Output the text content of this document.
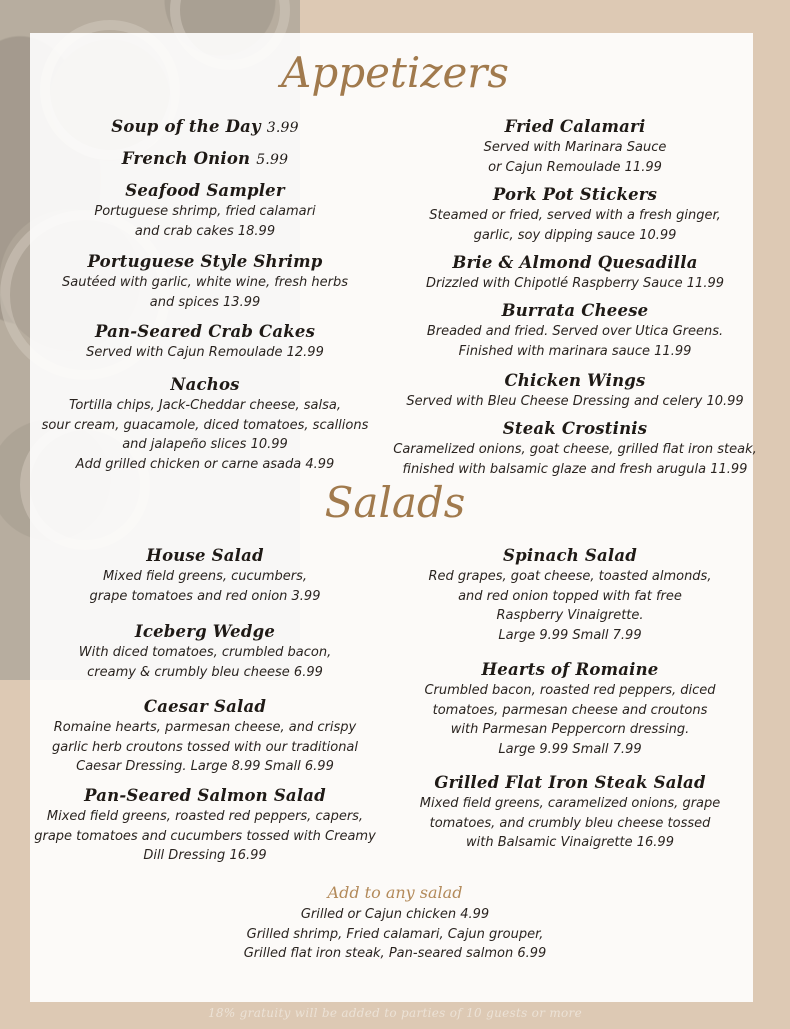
Appetizers
Soup of the Day 3.99
French Onion 5.99
Seafood Sampler
Portuguese shrimp, fried calamari
and crab cakes 18.99
Portuguese Style Shrimp
Sautéed with garlic, white wine, fresh herbs
and spices 13.99
Pan-Seared Crab Cakes
Served with Cajun Remoulade 12.99
Nachos
Tortilla chips, Jack-Cheddar cheese, salsa,
sour cream, guacamole, diced tomatoes, scallions
and jalapeño slices 10.99
Add grilled chicken or carne asada 4.99
Fried Calamari
Served with Marinara Sauce
or Cajun Remoulade 11.99
Pork Pot Stickers
Steamed or fried, served with a fresh ginger,
garlic, soy dipping sauce 10.99
Brie & Almond Quesadilla
Drizzled with Chipotlé Raspberry Sauce 11.99
Burrata Cheese
Breaded and fried. Served over Utica Greens.
Finished with marinara sauce 11.99
Chicken Wings
Served with Bleu Cheese Dressing and celery 10.99
Steak Crostinis
Caramelized onions, goat cheese, grilled flat iron steak,
finished with balsamic glaze and fresh arugula 11.99
Salads
House Salad
Mixed field greens, cucumbers,
grape tomatoes and red onion 3.99
Iceberg Wedge
With diced tomatoes, crumbled bacon,
creamy & crumbly bleu cheese 6.99
Caesar Salad
Romaine hearts, parmesan cheese, and crispy
garlic herb croutons tossed with our traditional
Caesar Dressing. Large 8.99 Small 6.99
Pan-Seared Salmon Salad
Mixed field greens, roasted red peppers, capers,
grape tomatoes and cucumbers tossed with Creamy
Dill Dressing 16.99
Spinach Salad
Red grapes, goat cheese, toasted almonds,
and red onion topped with fat free
Raspberry Vinaigrette.
Large 9.99 Small 7.99
Hearts of Romaine
Crumbled bacon, roasted red peppers, diced
tomatoes, parmesan cheese and croutons
with Parmesan Peppercorn dressing.
Large 9.99 Small 7.99
Grilled Flat Iron Steak Salad
Mixed field greens, caramelized onions, grape
tomatoes, and crumbly bleu cheese tossed
with Balsamic Vinaigrette 16.99
Add to any salad
Grilled or Cajun chicken 4.99
Grilled shrimp, Fried calamari, Cajun grouper,
Grilled flat iron steak, Pan-seared salmon 6.99
18% gratuity will be added to parties of 10 guests or more
